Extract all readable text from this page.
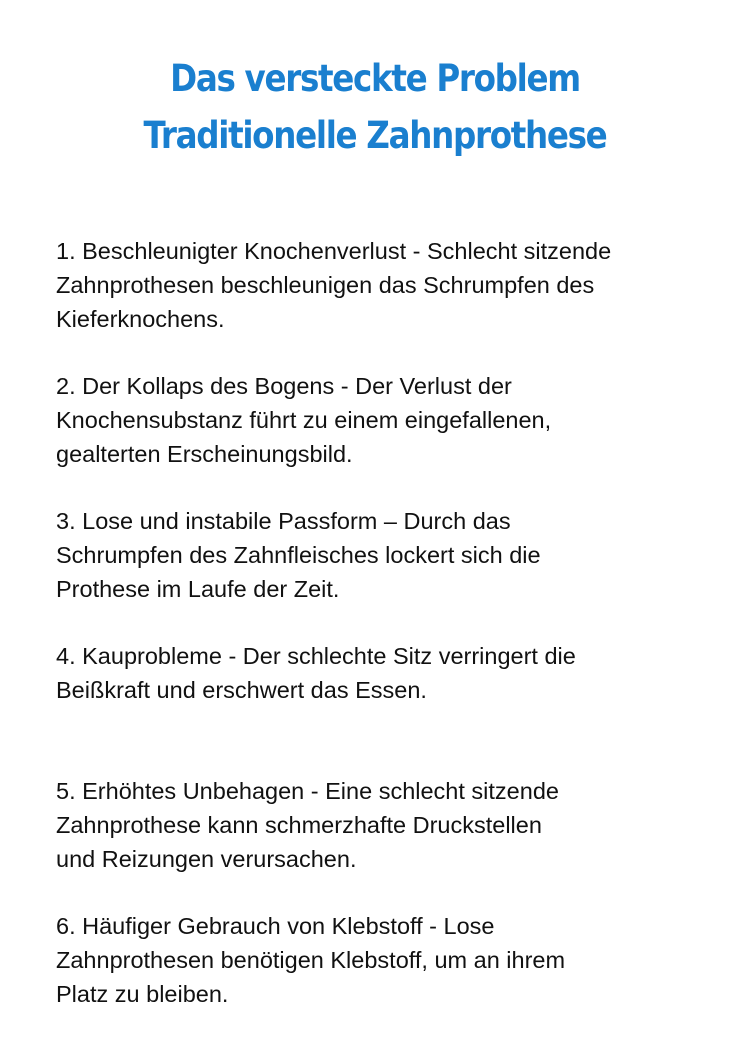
Das versteckte Problem
Traditionelle Zahnprothese

1. Beschleunigter Knochenverlust - Schlecht sitzende
Zahnprothesen beschleunigen das Schrumpfen des
Kieferknochens.

2. Der Kollaps des Bogens - Der Verlust der
Knochensubstanz führt zu einem eingefallenen,
gealterten Erscheinungsbild.

3. Lose und instabile Passform – Durch das
Schrumpfen des Zahnfleisches lockert sich die
Prothese im Laufe der Zeit.

4. Kauprobleme - Der schlechte Sitz verringert die
Beißkraft und erschwert das Essen.

5. Erhöhtes Unbehagen - Eine schlecht sitzende
Zahnprothese kann schmerzhafte Druckstellen
und Reizungen verursachen.

6. Häufiger Gebrauch von Klebstoff - Lose
Zahnprothesen benötigen Klebstoff, um an ihrem
Platz zu bleiben.
